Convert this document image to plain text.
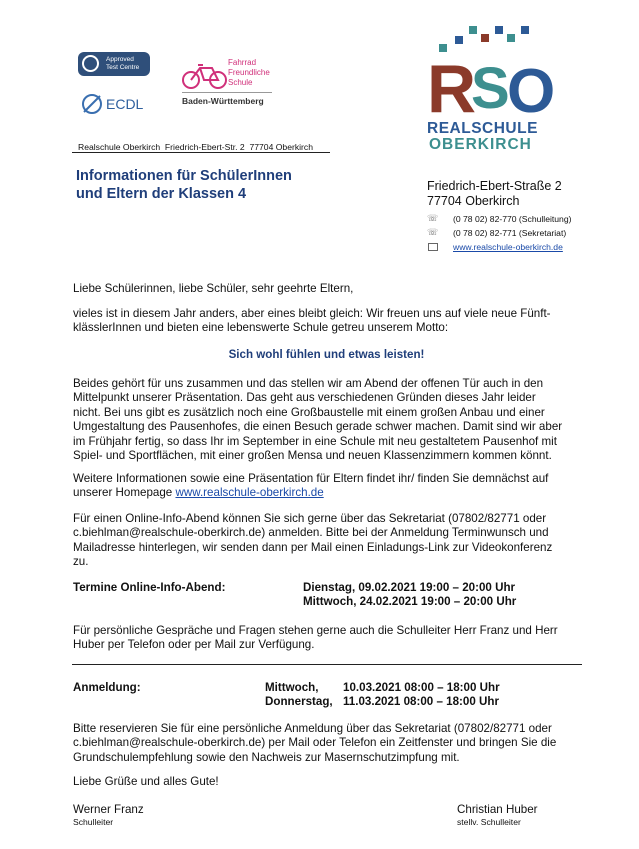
Approved
Test Centre
ECDL
Fahrrad
Freundliche
Schule
Baden-Württemberg R
S
O
REALSCHULE
OBERKIRCH
Realschule Oberkirch  Friedrich-Ebert-Str. 2  77704 Oberkirch
Informationen für SchülerInnen
und Eltern der Klassen 4	Friedrich-Ebert-Straße 2
77704 Oberkirch
☏ (0 78 02) 82-770 (Schulleitung)
☏ (0 78 02) 82-771 (Sekretariat)
www.realschule-oberkirch.de

Liebe Schülerinnen, liebe Schüler, sehr geehrte Eltern,

vieles ist in diesem Jahr anders, aber eines bleibt gleich: Wir freuen uns auf viele neue Fünft-

klässlerInnen und bieten eine lebenswerte Schule getreu unserem Motto:

Sich wohl fühlen und etwas leisten!

Beides gehört für uns zusammen und das stellen wir am Abend der offenen Tür auch in den

Mittelpunkt unserer Präsentation. Das geht aus verschiedenen Gründen dieses Jahr leider

nicht. Bei uns gibt es zusätzlich noch eine Großbaustelle mit einem großen Anbau und einer

Umgestaltung des Pausenhofes, die einen Besuch gerade schwer machen. Damit sind wir aber

im Frühjahr fertig, so dass Ihr im September in eine Schule mit neu gestaltetem Pausenhof mit

Spiel- und Sportflächen, mit einer großen Mensa und neuen Klassenzimmern kommen könnt.

Weitere Informationen sowie eine Präsentation für Eltern findet ihr/ finden Sie demnächst auf

unserer Homepage www.realschule-oberkirch.de

Für einen Online-Info-Abend können Sie sich gerne über das Sekretariat (07802/82771 oder

c.biehlman@realschule-oberkirch.de) anmelden. Bitte bei der Anmeldung Terminwunsch und

Mailadresse hinterlegen, wir senden dann per Mail einen Einladungs-Link zur Videokonferenz

zu.

Termine Online-Info-Abend:	Dienstag, 09.02.2021 19:00 – 20:00 Uhr
Mittwoch, 24.02.2021 19:00 – 20:00 Uhr

Für persönliche Gespräche und Fragen stehen gerne auch die Schulleiter Herr Franz und Herr

Huber per Telefon oder per Mail zur Verfügung.

Anmeldung:	Mittwoch, 10.03.2021 08:00 – 18:00 Uhr
Donnerstag, 11.03.2021 08:00 – 18:00 Uhr

Bitte reservieren Sie für eine persönliche Anmeldung über das Sekretariat (07802/82771 oder

c.biehlman@realschule-oberkirch.de) per Mail oder Telefon ein Zeitfenster und bringen Sie die

Grundschulempfehlung sowie den Nachweis zur Masernschutzimpfung mit.

Liebe Grüße und alles Gute!

Werner Franz
Schulleiter
Christian Huber
stellv. Schulleiter
